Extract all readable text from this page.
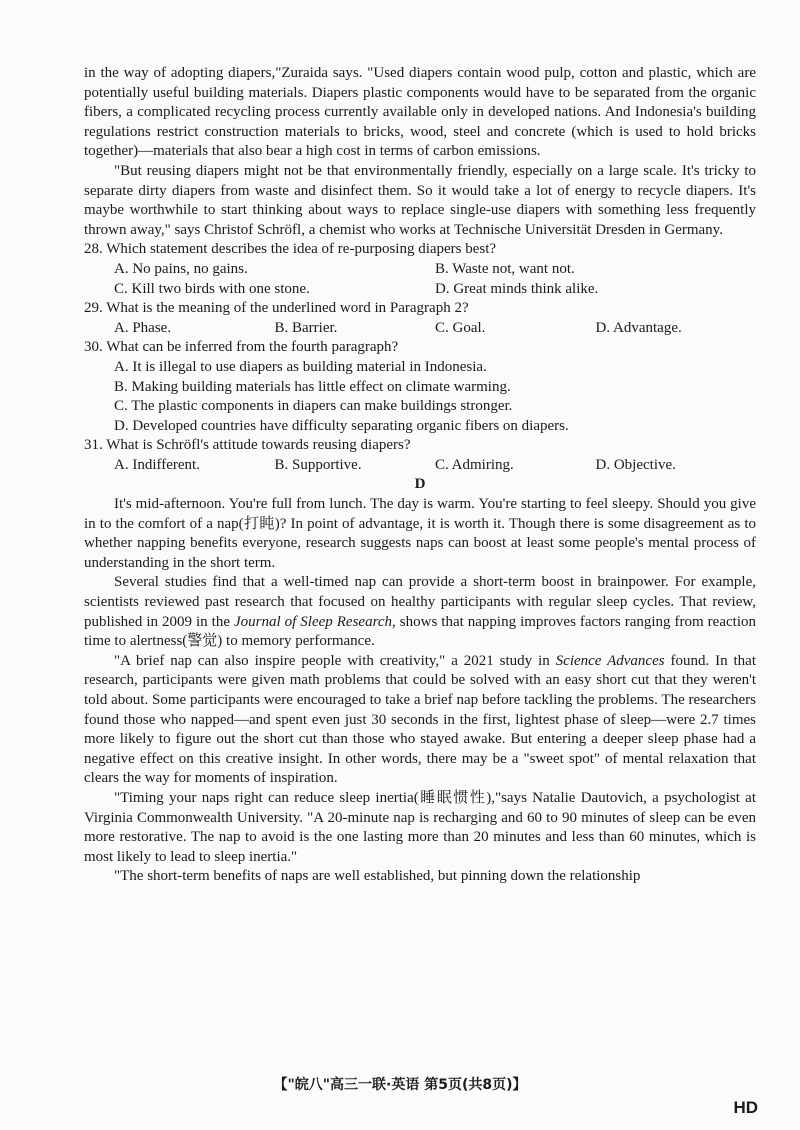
in the way of adopting diapers,"Zuraida says. "Used diapers contain wood pulp, cotton and plastic, which are potentially useful building materials. Diapers plastic components would have to be separated from the organic fibers, a complicated recycling process currently available only in developed nations. And Indonesia's building regulations restrict construction materials to bricks, wood, steel and concrete (which is used to hold bricks together)—materials that also bear a high cost in terms of carbon emissions.

"But reusing diapers might not be that environmentally friendly, especially on a large scale. It's tricky to separate dirty diapers from waste and disinfect them. So it would take a lot of energy to recycle diapers. It's maybe worthwhile to start thinking about ways to replace single-use diapers with something less frequently thrown away," says Christof Schröfl, a chemist who works at Technische Universität Dresden in Germany.

28. Which statement describes the idea of re-purposing diapers best?

A. No pains, no gains.	B. Waste not, want not.
C. Kill two birds with one stone.	D. Great minds think alike.

29. What is the meaning of the underlined word in Paragraph 2?

A. Phase.	B. Barrier.	C. Goal.	D. Advantage.

30. What can be inferred from the fourth paragraph?

A. It is illegal to use diapers as building material in Indonesia.

B. Making building materials has little effect on climate warming.

C. The plastic components in diapers can make buildings stronger.

D. Developed countries have difficulty separating organic fibers on diapers.

31. What is Schröfl's attitude towards reusing diapers?

A. Indifferent.	B. Supportive.	C. Admiring.	D. Objective.

D

It's mid-afternoon. You're full from lunch. The day is warm. You're starting to feel sleepy. Should you give in to the comfort of a nap(打盹)? In point of advantage, it is worth it. Though there is some disagreement as to whether napping benefits everyone, research suggests naps can boost at least some people's mental process of understanding in the short term.

Several studies find that a well-timed nap can provide a short-term boost in brainpower. For example, scientists reviewed past research that focused on healthy participants with regular sleep cycles. That review, published in 2009 in the Journal of Sleep Research, shows that napping improves factors ranging from reaction time to alertness(警觉) to memory performance.

"A brief nap can also inspire people with creativity," a 2021 study in Science Advances found. In that research, participants were given math problems that could be solved with an easy short cut that they weren't told about. Some participants were encouraged to take a brief nap before tackling the problems. The researchers found those who napped—and spent even just 30 seconds in the first, lightest phase of sleep—were 2.7 times more likely to figure out the short cut than those who stayed awake. But entering a deeper sleep phase had a negative effect on this creative insight. In other words, there may be a "sweet spot" of mental relaxation that clears the way for moments of inspiration.

"Timing your naps right can reduce sleep inertia(睡眠惯性),"says Natalie Dautovich, a psychologist at Virginia Commonwealth University. "A 20-minute nap is recharging and 60 to 90 minutes of sleep can be even more restorative. The nap to avoid is the one lasting more than 20 minutes and less than 60 minutes, which is most likely to lead to sleep inertia."

"The short-term benefits of naps are well established, but pinning down the relationship

【"皖八"高三一联·英语 第5页(共8页)】
HD
